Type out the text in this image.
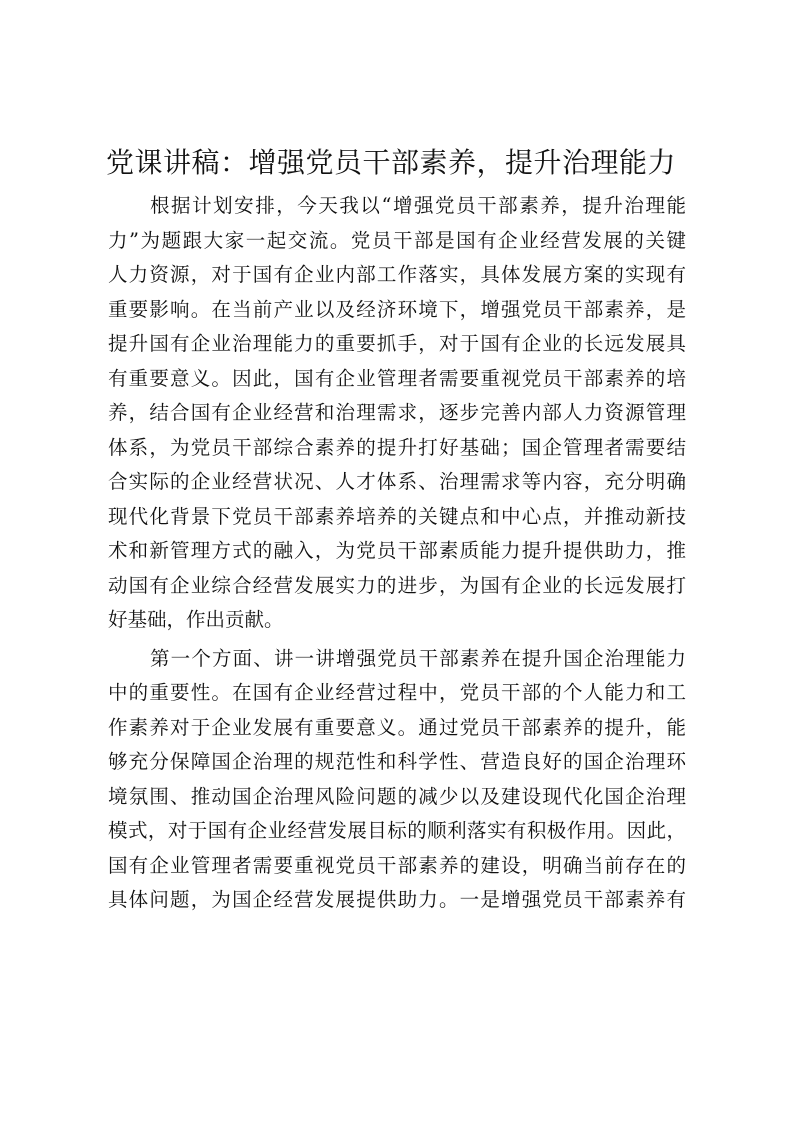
党课讲稿：增强党员干部素养，提升治理能力

根据计划安排，今天我以“增强党员干部素养，提升治理能
力”为题跟大家一起交流。党员干部是国有企业经营发展的关键
人力资源，对于国有企业内部工作落实，具体发展方案的实现有
重要影响。在当前产业以及经济环境下，增强党员干部素养，是
提升国有企业治理能力的重要抓手，对于国有企业的长远发展具
有重要意义。因此，国有企业管理者需要重视党员干部素养的培
养，结合国有企业经营和治理需求，逐步完善内部人力资源管理
体系，为党员干部综合素养的提升打好基础；国企管理者需要结
合实际的企业经营状况、人才体系、治理需求等内容，充分明确
现代化背景下党员干部素养培养的关键点和中心点，并推动新技
术和新管理方式的融入，为党员干部素质能力提升提供助力，推
动国有企业综合经营发展实力的进步，为国有企业的长远发展打
好基础，作出贡献。

第一个方面、讲一讲增强党员干部素养在提升国企治理能力
中的重要性。在国有企业经营过程中，党员干部的个人能力和工
作素养对于企业发展有重要意义。通过党员干部素养的提升，能
够充分保障国企治理的规范性和科学性、营造良好的国企治理环
境氛围、推动国企治理风险问题的减少以及建设现代化国企治理
模式，对于国有企业经营发展目标的顺利落实有积极作用。因此，
国有企业管理者需要重视党员干部素养的建设，明确当前存在的
具体问题，为国企经营发展提供助力。一是增强党员干部素养有
